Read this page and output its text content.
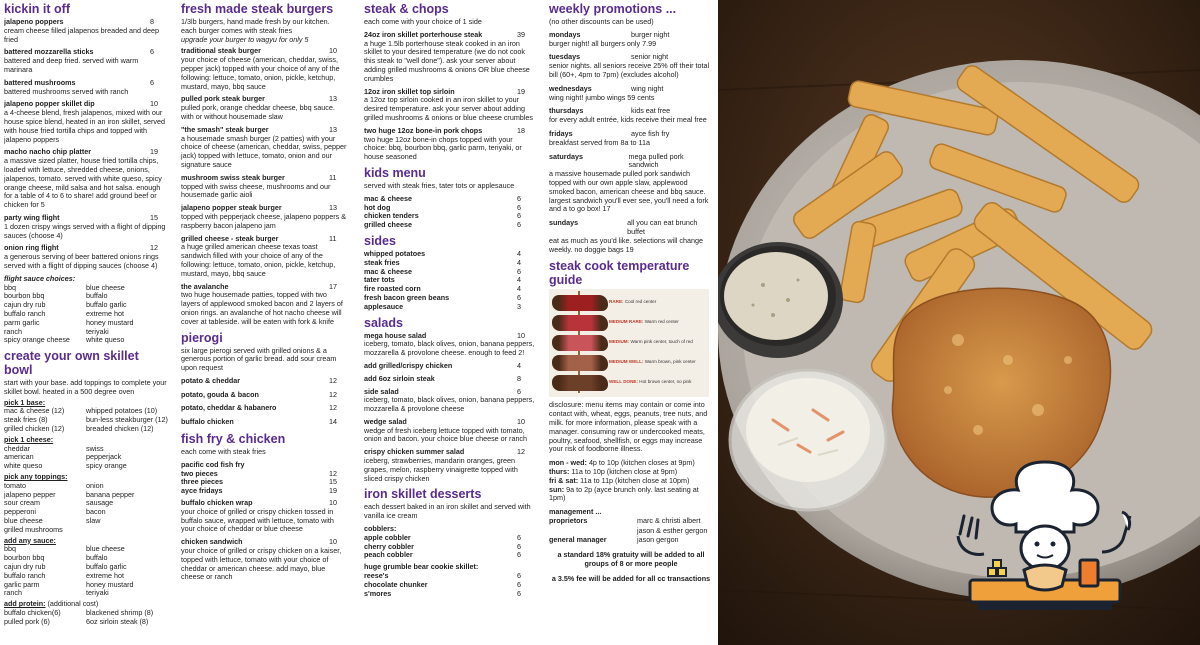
kickin it off
jalapeno poppers	8
cream cheese filled jalapenos breaded and deep fried
battered mozzarella sticks	6
battered and deep fried. served with warm marinara
battered mushrooms	6
battered mushrooms served with ranch
jalapeno popper skillet dip	10
a 4-cheese blend, fresh jalapenos, mixed with our house spice blend, heated in an iron skillet, served with house fried tortilla chips and topped with jalapeno poppers
macho nacho chip platter	19
a massive sized platter, house fried tortilla chips, loaded with lettuce, shredded cheese, onions, jalapenos, tomato. served with white queso, spicy orange cheese, mild salsa and hot salsa. enough for a table of 4 to 6 to share! add ground beef or chicken for 5
party wing flight	15
1 dozen crispy wings served with a flight of dipping sauces (choose 4)
onion ring flight	12
a generous serving of beer battered onions rings served with a flight of dipping sauces (choose 4)
flight sauce choices:
bbq	blue cheese
bourbon bbq	buffalo
cajun dry rub	buffalo garlic
buffalo ranch	extreme hot
parm garlic	honey mustard
ranch	teriyaki
spicy orange cheese	white queso
create your own skillet bowl
start with your base. add toppings to complete your skillet bowl. heated in a 500 degree oven
pick 1 base:
mac & cheese (12)	whipped potatoes (10)
steak fries (8)	bun-less steakburger (12)
grilled chicken (12)	breaded chicken (12)
pick 1 cheese:
cheddar	swiss
american	pepperjack
white queso	spicy orange
pick any toppings:
tomato	onion
jalapeno pepper	banana pepper
sour cream	sausage
pepperoni	bacon
blue cheese	slaw
grilled mushrooms
add any sauce:
bbq	blue cheese
bourbon bbq	buffalo
cajun dry rub	buffalo garlic
buffalo ranch	extreme hot
garlic parm	honey mustard
ranch	teriyaki
add protein: (additional cost)
buffalo chicken(6)	blackened shrimp (8)
pulled pork (6)	6oz sirloin steak (8)
fresh made steak burgers
1/3lb burgers, hand made fresh by our kitchen. each burger comes with steak fries
upgrade your burger to wagyu for only 5
traditional steak burger	10
your choice of cheese (american, cheddar, swiss, pepper jack) topped with your choice of any of the following: lettuce, tomato, onion, pickle, ketchup, mustard, mayo, bbq sauce
pulled pork steak burger	13
pulled pork, orange cheddar cheese, bbq sauce. with or without housemade slaw
"the smash" steak burger	13
a housemade smash burger (2 patties) with your choice of cheese (american, cheddar, swiss, pepper jack) topped with lettuce, tomato, onion and our signature sauce
mushroom swiss steak burger	11
topped with swiss cheese, mushrooms and our housemade garlic aioli
jalapeno popper steak burger	13
topped with pepperjack cheese, jalapeno poppers & raspberry bacon jalapeno jam
grilled cheese - steak burger	11
a huge grilled american cheese texas toast sandwich filled with your choice of any of the following: lettuce, tomato, onion, pickle, ketchup, mustard, mayo, bbq sauce
the avalanche	17
two huge housemade patties, topped with two layers of applewood smoked bacon and 2 layers of onion rings. an avalanche of hot nacho cheese will cover at tableside. will be eaten with fork & knife
pierogi
six large pierogi served with grilled onions & a generous portion of garlic bread. add sour cream upon request
potato & cheddar	12
potato, gouda & bacon	12
potato, cheddar & habanero	12
buffalo chicken	14
fish fry & chicken
each come with steak fries
pacific cod fish fry
two pieces	12
three pieces	15
ayce fridays	19
buffalo chicken wrap	10
your choice of grilled or crispy chicken tossed in buffalo sauce, wrapped with lettuce, tomato with your choice of cheddar or blue cheese
chicken sandwich	10
your choice of grilled or crispy chicken on a kaiser, topped with lettuce, tomato with your choice of cheddar or american cheese. add mayo, blue cheese or ranch
steak & chops
each come with your choice of 1 side
24oz iron skillet porterhouse steak	39
a huge 1.5lb porterhouse steak cooked in an iron skillet to your desired temperature (we do not cook this steak to "well done"). ask your server about adding grilled mushrooms & onions OR blue cheese crumbles
12oz iron skillet top sirloin	19
a 12oz top sirloin cooked in an iron skillet to your desired temperature. ask your server about adding grilled mushrooms & onions or blue cheese crumbles
two huge 12oz bone-in pork chops	18
two huge 12oz bone-in chops topped with your choice: bbq, bourbon bbq, garlic parm, teriyaki, or house seasoned
kids menu
served with steak fries, tater tots or applesauce
mac & cheese	6
hot dog	6
chicken tenders	6
grilled cheese	6
sides
whipped potatoes	4
steak fries	4
mac & cheese	6
tater tots	4
fire roasted corn	4
fresh bacon green beans	6
applesauce	3
salads
mega house salad	10
iceberg, tomato, black olives, onion, banana peppers, mozzarella & provolone cheese. enough to feed 2!
add grilled/crispy chicken	4
add 6oz sirloin steak	8
side salad	6
iceberg, tomato, black olives, onion, banana peppers, mozzarella & provolone cheese
wedge salad	10
wedge of fresh iceberg lettuce topped with tomato, onion and bacon. your choice blue cheese or ranch
crispy chicken summer salad	12
iceberg, strawberries, mandarin oranges, green grapes, melon, raspberry vinaigrette topped with sliced crispy chicken
iron skillet desserts
each dessert baked in an iron skillet and served with vanilla ice cream
cobblers:
apple cobbler	6
cherry cobbler	6
peach cobbler	6
huge grumble bear cookie skillet:
reese's	6
chocolate chunker	6
s'mores	6
weekly promotions ...
(no other discounts can be used)
mondays	burger night
burger night! all burgers only 7.99
tuesdays	senior night
senior nights. all seniors receive 25% off their total bill (60+, 4pm to 7pm) (excludes alcohol)
wednesdays	wing night
wing night! jumbo wings 59 cents
thursdays	kids eat free
for every adult entrée, kids receive their meal free
fridays	ayce fish fry
breakfast served from 8a to 11a
saturdays	mega pulled pork sandwich
a massive housemade pulled pork sandwich topped with our own apple slaw, applewood smoked bacon, american cheese and bbq sauce. largest sandwich you'll ever see, you'll need a fork and a to go box! 17
sundays	all you can eat brunch buffet
eat as much as you'd like. selections will change weekly. no doggie bags 19
steak cook temperature guide
RARE: Cool red center
MEDIUM RARE: Warm red center
MEDIUM: Warm pink center, touch of red
MEDIUM WELL: Warm brown, pink center
WELL DONE: Hot brown center, no pink
disclosure: menu items may contain or come into contact with, wheat, eggs, peanuts, tree nuts, and milk. for more information, please speak with a manager. consuming raw or undercooked meats, poultry, seafood, shellfish, or eggs may increase your risk of foodborne illness.
mon - wed: 4p to 10p (kitchen closes at 9pm)
thurs: 11a to 10p (kitchen close at 9pm)
fri & sat: 11a to 11p (kitchen close at 10pm)
sun: 9a to 2p (ayce brunch only. last seating at 1pm)
management ...
proprietors	marc & christi albert
jason & esther gergon
general manager	jason gergon
a standard 18% gratuity will be added to all groups of 8 or more people
a 3.5% fee will be added for all cc transactions
